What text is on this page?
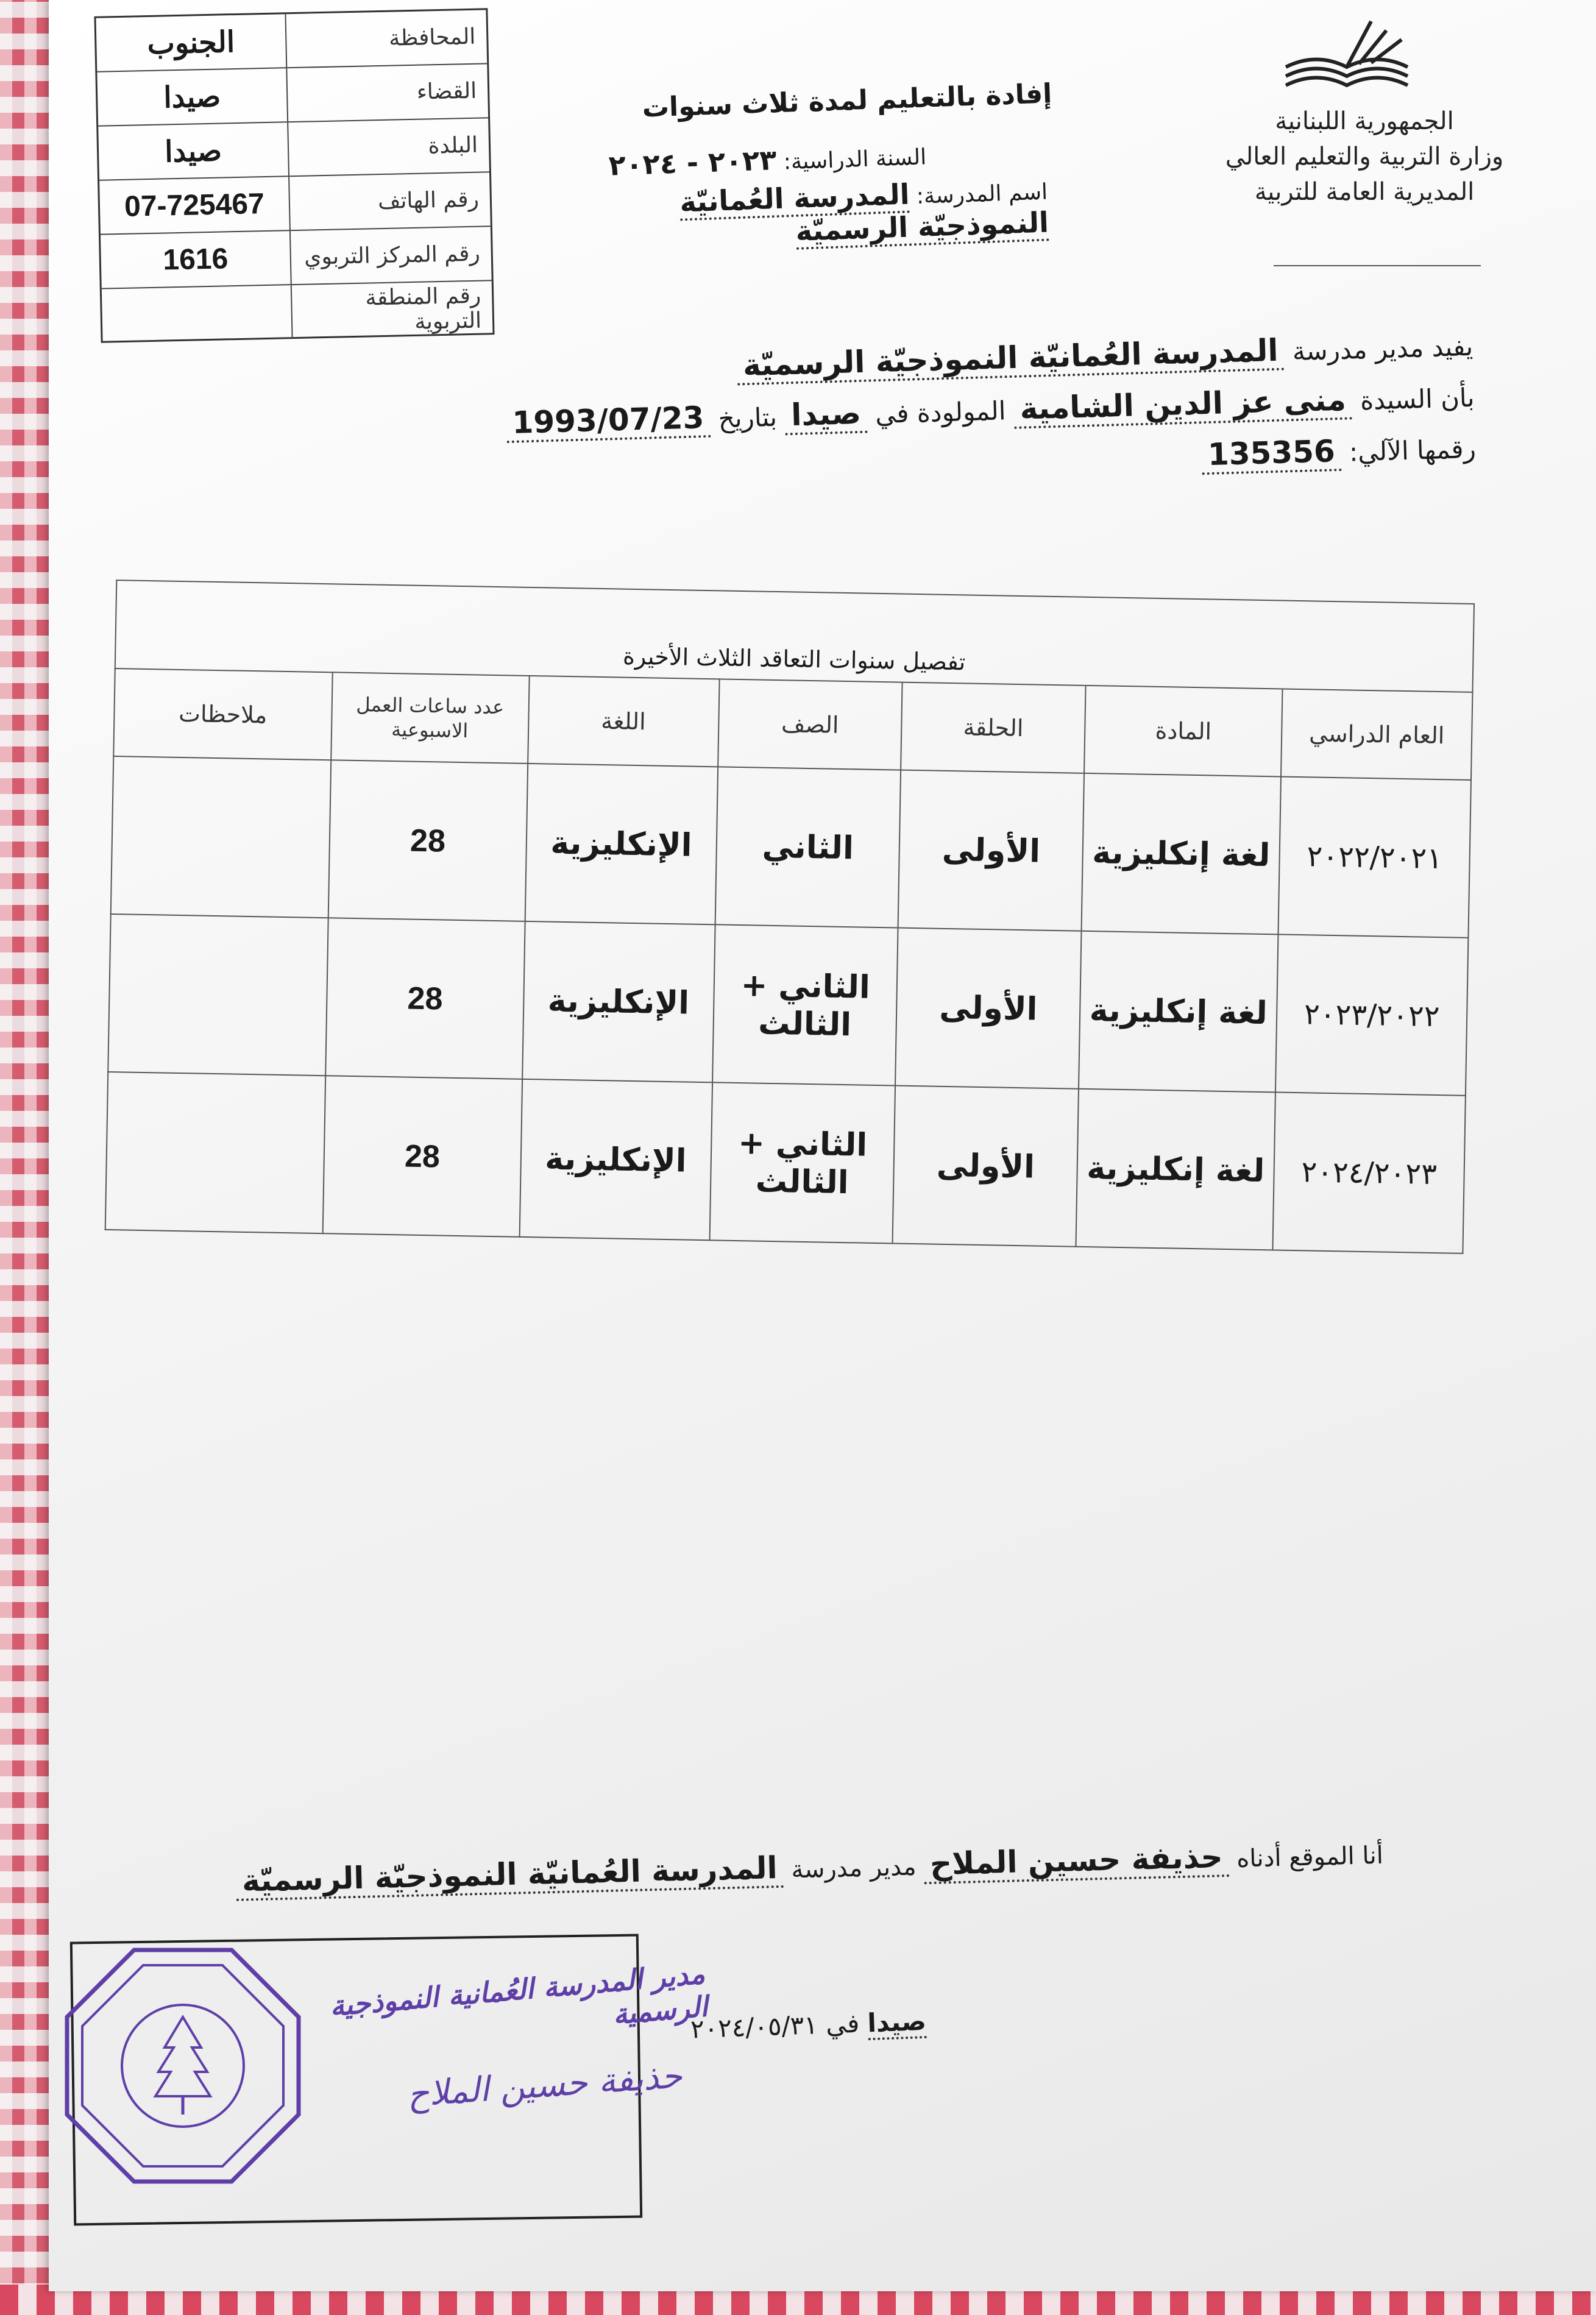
الجنوب	المحافظة
صيدا	القضاء
صيدا	البلدة
07-725467	رقم الهاتف
1616	رقم المركز التربوي
رقم المنطقة التربوية
الجمهورية اللبنانية
وزارة التربية والتعليم العالي
المديرية العامة للتربية
إفادة بالتعليم لمدة ثلاث سنوات
السنة الدراسية: ٢٠٢٣ - ٢٠٢٤
اسم المدرسة: المدرسة العُمانيّة النموذجيّة الرسميّة
يفيد مدير مدرسة المدرسة العُمانيّة النموذجيّة الرسميّة
بأن السيدة منى عز الدين الشامية المولودة في صيدا بتاريخ 1993/07/23
رقمها الآلي: 135356
تفصيل سنوات التعاقد الثلاث الأخيرة						
العام الدراسي	المادة	الحلقة	الصف	اللغة	عدد ساعات العمل الاسبوعية	ملاحظات
٢٠٢٢/٢٠٢١	لغة إنكليزية	الأولى	الثاني	الإنكليزية	28	
٢٠٢٣/٢٠٢٢	لغة إنكليزية	الأولى	الثاني + الثالث	الإنكليزية	28	
٢٠٢٤/٢٠٢٣	لغة إنكليزية	الأولى	الثاني + الثالث	الإنكليزية	28	
أنا الموقع أدناه حذيفة حسين الملاح مدير مدرسة المدرسة العُمانيّة النموذجيّة الرسميّة
صيدا في ٢٠٢٤/٠٥/٣١
مدير المدرسة العُمانية النموذجية الرسمية
حذيفة حسين الملاح
